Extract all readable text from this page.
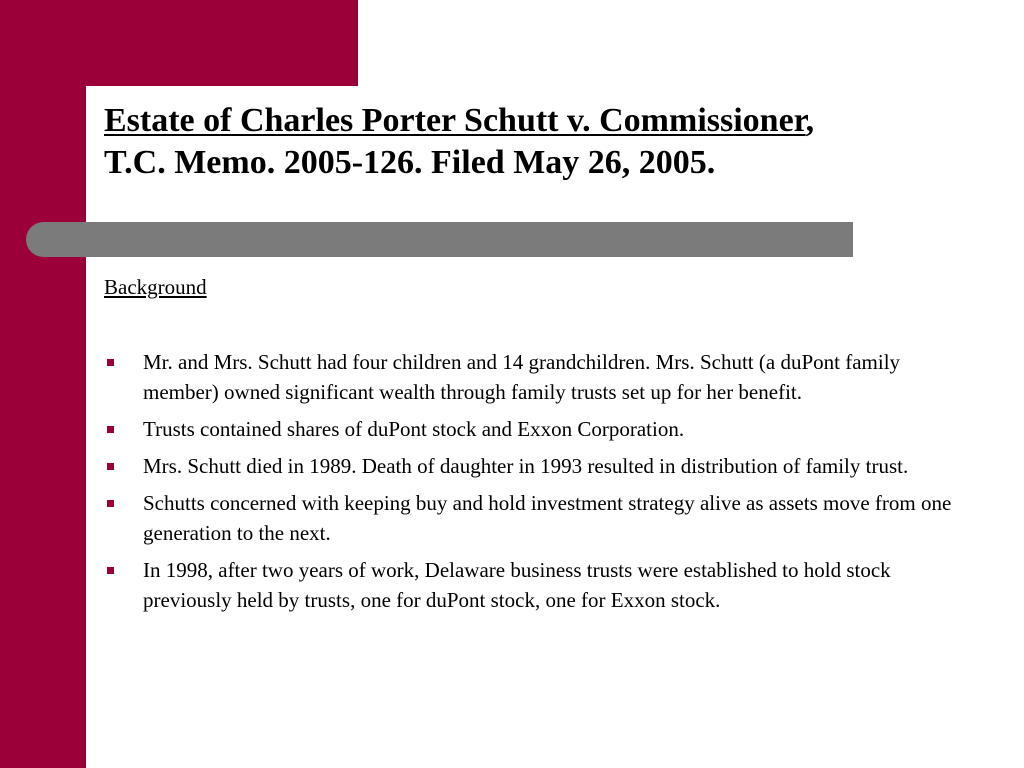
Estate of Charles Porter Schutt v. Commissioner,
T.C. Memo. 2005-126. Filed May 26, 2005.
Background
Mr. and Mrs. Schutt had four children and 14 grandchildren. Mrs. Schutt (a duPont family member) owned significant wealth through family trusts set up for her benefit.
Trusts contained shares of duPont stock and Exxon Corporation.
Mrs. Schutt died in 1989. Death of daughter in 1993 resulted in distribution of family trust.
Schutts concerned with keeping buy and hold investment strategy alive as assets move from one generation to the next.
In 1998, after two years of work, Delaware business trusts were established to hold stock previously held by trusts, one for duPont stock, one for Exxon stock.
